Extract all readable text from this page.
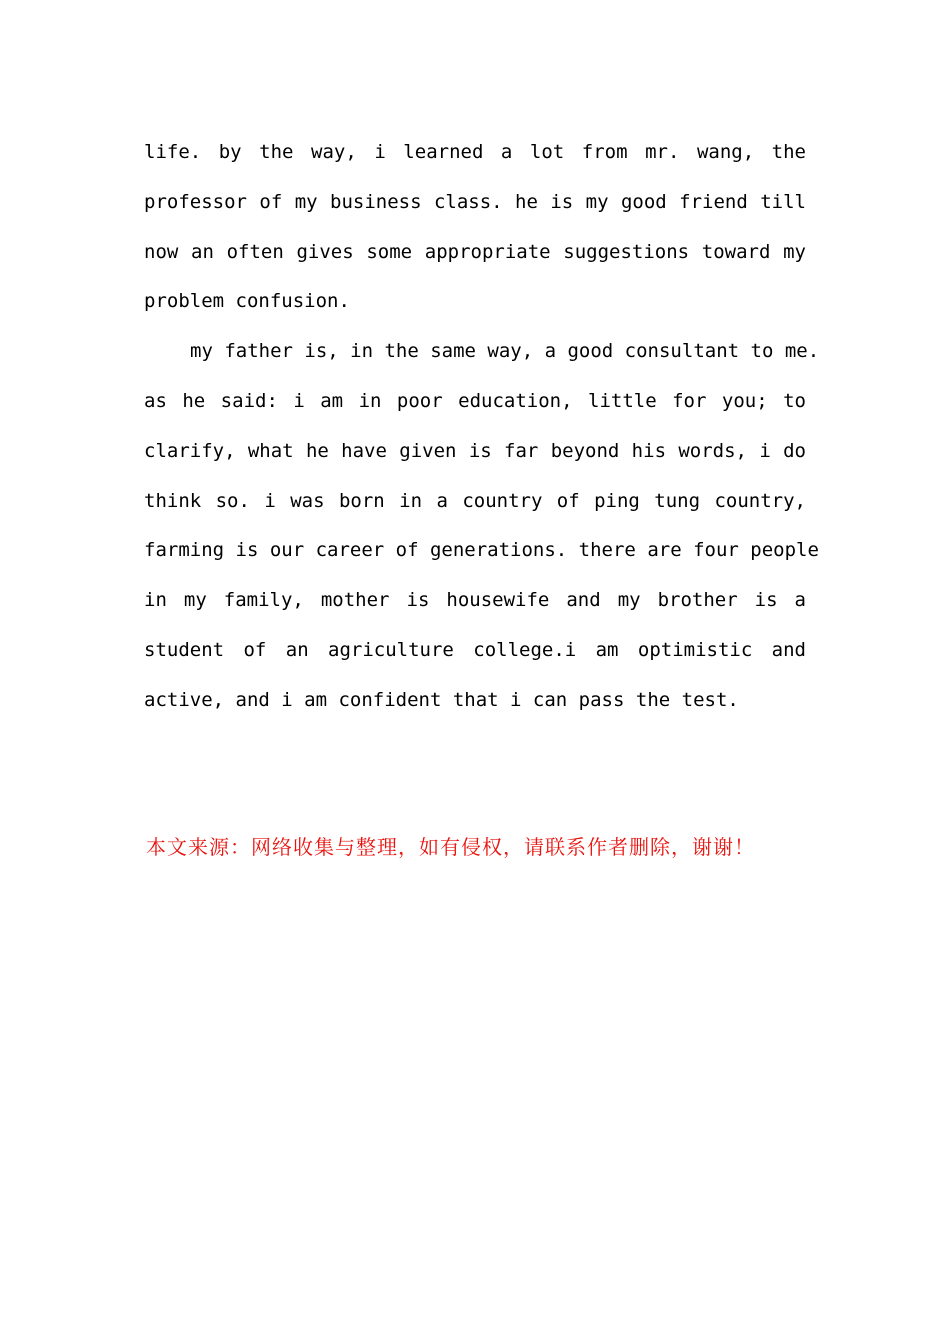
life. by the way, i learned a lot from mr. wang, the
professor of my business class. he is my good friend till
now an often gives some appropriate suggestions toward my
problem confusion.
my father is, in the same way, a good consultant to me.
as he said: i am in poor education, little for you; to
clarify, what he have given is far beyond his words, i do
think so. i was born in a country of ping tung country,
farming is our career of generations. there are four people
in my family, mother is housewife and my brother is a
student of an agriculture college.i am optimistic and
active, and i am confident that i can pass the test.
本文来源：网络收集与整理，如有侵权，请联系作者删除，谢谢！
